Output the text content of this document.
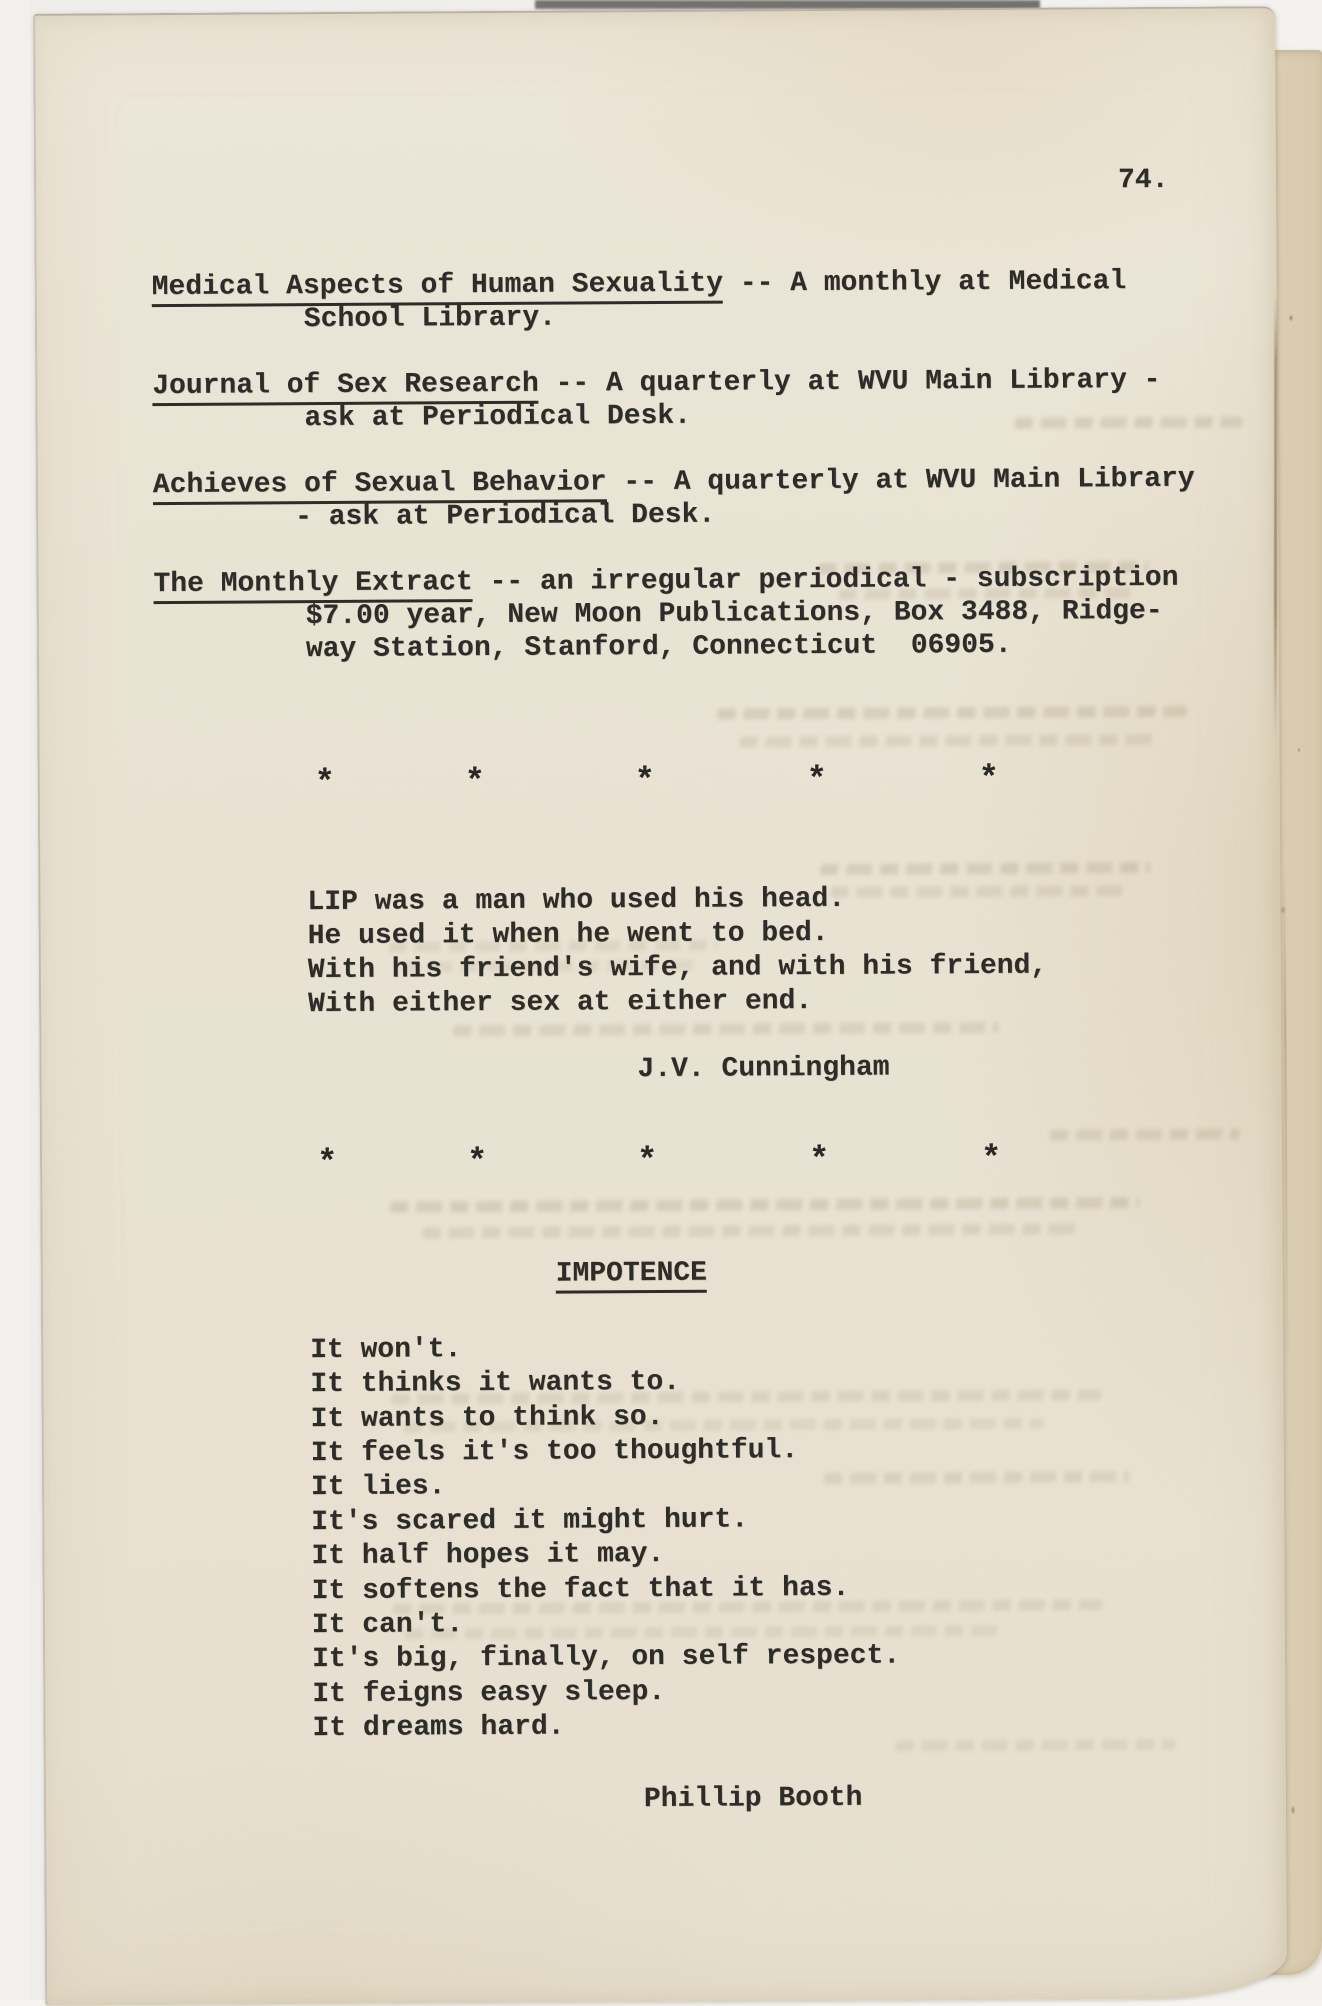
74.
Medical Aspects of Human Sexuality -- A monthly at Medical
School Library.
Journal of Sex Research -- A quarterly at WVU Main Library -
ask at Periodical Desk.
Achieves of Sexual Behavior -- A quarterly at WVU Main Library
- ask at Periodical Desk.
The Monthly Extract -- an irregular periodical - subscription
$7.00 year, New Moon Publications, Box 3488, Ridge-
way Station, Stanford, Connecticut  06905.
*	*	*	*	*
LIP was a man who used his head.
He used it when he went to bed.
With his friend's wife, and with his friend,
With either sex at either end.
J.V. Cunningham
*	*	*	*	*
IMPOTENCE
It won't.
It thinks it wants to.
It wants to think so.
It feels it's too thoughtful.
It lies.
It's scared it might hurt.
It half hopes it may.
It softens the fact that it has.
It can't.
It's big, finally, on self respect.
It feigns easy sleep.
It dreams hard.
Phillip Booth
